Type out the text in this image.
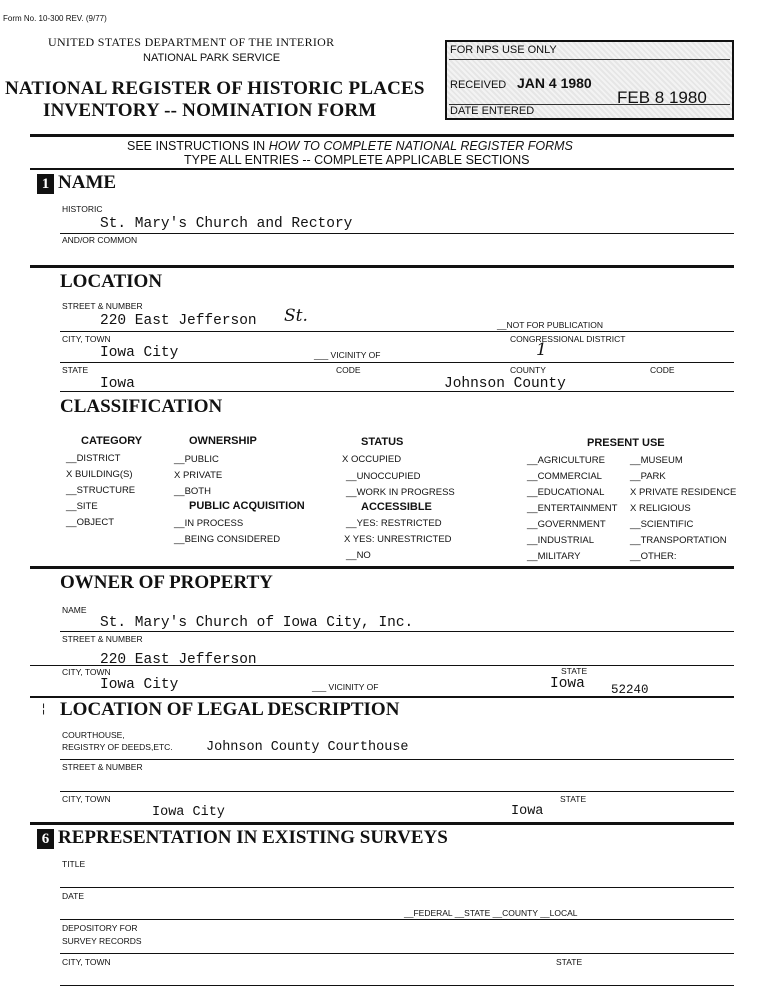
Form No. 10-300 REV. (9/77)
UNITED STATES DEPARTMENT OF THE INTERIOR
NATIONAL PARK SERVICE
NATIONAL REGISTER OF HISTORIC PLACES
INVENTORY -- NOMINATION FORM
FOR NPS USE ONLY
RECEIVED JAN 4 1980
FEB 8 1980
DATE ENTERED
SEE INSTRUCTIONS IN HOW TO COMPLETE NATIONAL REGISTER FORMS
TYPE ALL ENTRIES -- COMPLETE APPLICABLE SECTIONS
1 NAME
HISTORIC
St. Mary's Church and Rectory
AND/OR COMMON
LOCATION
STREET & NUMBER
220 East Jefferson St.	__NOT FOR PUBLICATION
CITY, TOWN	CONGRESSIONAL DISTRICT
Iowa City	___ VICINITY OF	1
STATE	CODE	COUNTY	CODE
Iowa	Johnson County
CLASSIFICATION
CATEGORY
__DISTRICT
X BUILDING(S)
__STRUCTURE
__SITE
__OBJECT
OWNERSHIP
__PUBLIC
X PRIVATE
__BOTH
PUBLIC ACQUISITION
__IN PROCESS
__BEING CONSIDERED
STATUS
X OCCUPIED
__UNOCCUPIED
__WORK IN PROGRESS
ACCESSIBLE
__YES: RESTRICTED
X YES: UNRESTRICTED
__NO
PRESENT USE
__AGRICULTURE
__COMMERCIAL
__EDUCATIONAL
__ENTERTAINMENT
__GOVERNMENT
__INDUSTRIAL
__MILITARY
__MUSEUM
__PARK
X PRIVATE RESIDENCE
X RELIGIOUS
__SCIENTIFIC
__TRANSPORTATION
__OTHER:
OWNER OF PROPERTY
NAME
St. Mary's Church of Iowa City, Inc.
STREET & NUMBER
220 East Jefferson
CITY, TOWN	STATE
Iowa City	___ VICINITY OF	Iowa 52240
¦ LOCATION OF LEGAL DESCRIPTION
COURTHOUSE,
REGISTRY OF DEEDS,ETC. Johnson County Courthouse
STREET & NUMBER
CITY, TOWN	STATE
Iowa City	Iowa
6 REPRESENTATION IN EXISTING SURVEYS
TITLE
DATE
__FEDERAL __STATE __COUNTY __LOCAL
DEPOSITORY FOR
SURVEY RECORDS
CITY, TOWN	STATE
